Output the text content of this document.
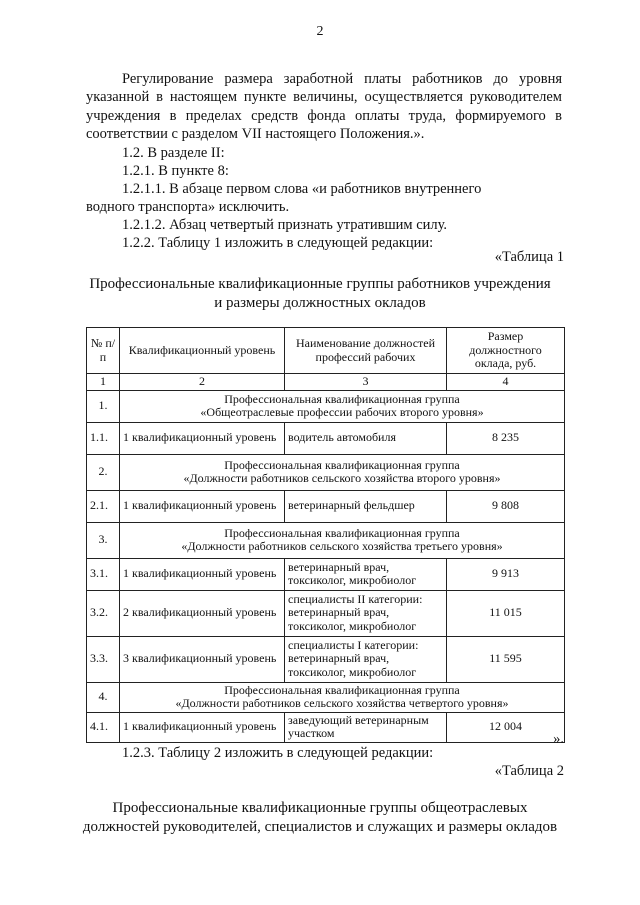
2
Регулирование размера заработной платы работников до уровня указанной в настоящем пункте величины, осуществляется руководителем учреждения в пределах средств фонда оплаты труда, формируемого в соответствии с разделом VII настоящего Положения.».
1.2. В разделе II:
1.2.1. В пункте 8:
1.2.1.1. В абзаце первом слова «и работников внутреннего
водного транспорта» исключить.
1.2.1.2. Абзац четвертый признать утратившим силу.
1.2.2. Таблицу 1 изложить в следующей редакции:
«Таблица 1
Профессиональные квалификационные группы работников учреждения
и размеры должностных окладов
№ п/п	Квалификационный уровень	Наименование должностей профессий рабочих	Размер должностного оклада, руб.
1	2	3	4
1.	Профессиональная квалификационная группа
«Общеотраслевые профессии рабочих второго уровня»		

1.1.	1 квалификационный уровень	водитель автомобиля	8 235
2.	Профессиональная квалификационная группа
«Должности работников сельского хозяйства второго уровня»		

2.1.	1 квалификационный уровень	ветеринарный фельдшер	9 808
3.	Профессиональная квалификационная группа
«Должности работников сельского хозяйства третьего уровня»		

3.1.	1 квалификационный уровень	ветеринарный врач, токсиколог, микробиолог	9 913
3.2.	2 квалификационный уровень	специалисты II категории: ветеринарный врач, токсиколог, микробиолог	11 015
3.3.	3 квалификационный уровень	специалисты I категории: ветеринарный врач, токсиколог, микробиолог	11 595
4.	Профессиональная квалификационная группа
«Должности работников сельского хозяйства четвертого уровня»		

4.1.	1 квалификационный уровень	заведующий ветеринарным участком	12 004
».
1.2.3. Таблицу 2 изложить в следующей редакции:
«Таблица 2
Профессиональные квалификационные группы общеотраслевых
должностей руководителей, специалистов и служащих и размеры окладов
